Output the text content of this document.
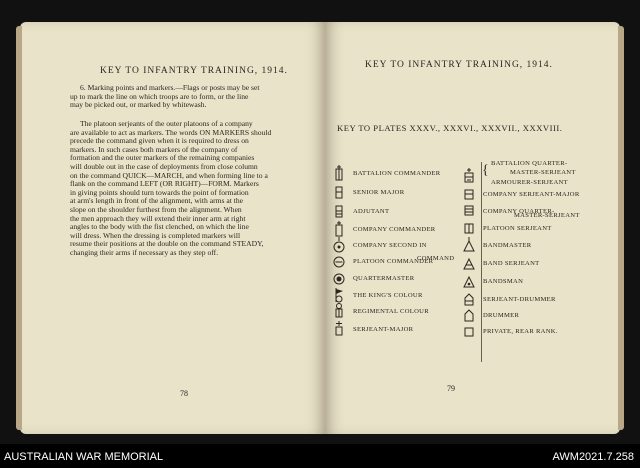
KEY TO INFANTRY TRAINING, 1914.
6. Marking points and markers.—Flags or posts may be set
up to mark the line on which troops are to form, or the line
may be picked out, or marked by whitewash.
The platoon serjeants of the outer platoons of a company
are available to act as markers. The words ON MARKERS should
precede the command given when it is required to dress on
markers. In such cases both markers of the company of
formation and the outer markers of the remaining companies
will double out in the case of deployments from close column
on the command QUICK—MARCH, and when forming line to a
flank on the command LEFT (OR RIGHT)—FORM. Markers
in giving points should turn towards the point of formation
at arm's length in front of the alignment, with arms at the
slope on the shoulder furthest from the alignment. When
the men approach they will extend their inner arm at right
angles to the body with the fist clenched, on which the line
will dress. When the dressing is completed markers will
resume their positions at the double on the command STEADY,
changing their arms if necessary as they step off.
78
KEY TO INFANTRY TRAINING, 1914.
KEY TO PLATES XXXV., XXXVI., XXXVII., XXXVIII.
BATTALION COMMANDER
SENIOR MAJOR
ADJUTANT
COMPANY COMMANDER
COMPANY SECOND IN
COMMAND
PLATOON COMMANDER
QUARTERMASTER
THE KING'S COLOUR
REGIMENTAL COLOUR
SERJEANT-MAJOR
{ BATTALION QUARTER-
MASTER-SERJEANT
ARMOURER-SERJEANT
COMPANY SERJEANT-MAJOR
COMPANY QUARTER-
MASTER-SERJEANT
PLATOON SERJEANT
BANDMASTER
BAND SERJEANT
BANDSMAN
SERJEANT-DRUMMER
DRUMMER
PRIVATE, REAR RANK.
79
AUSTRALIAN WAR MEMORIAL	AWM2021.7.258
